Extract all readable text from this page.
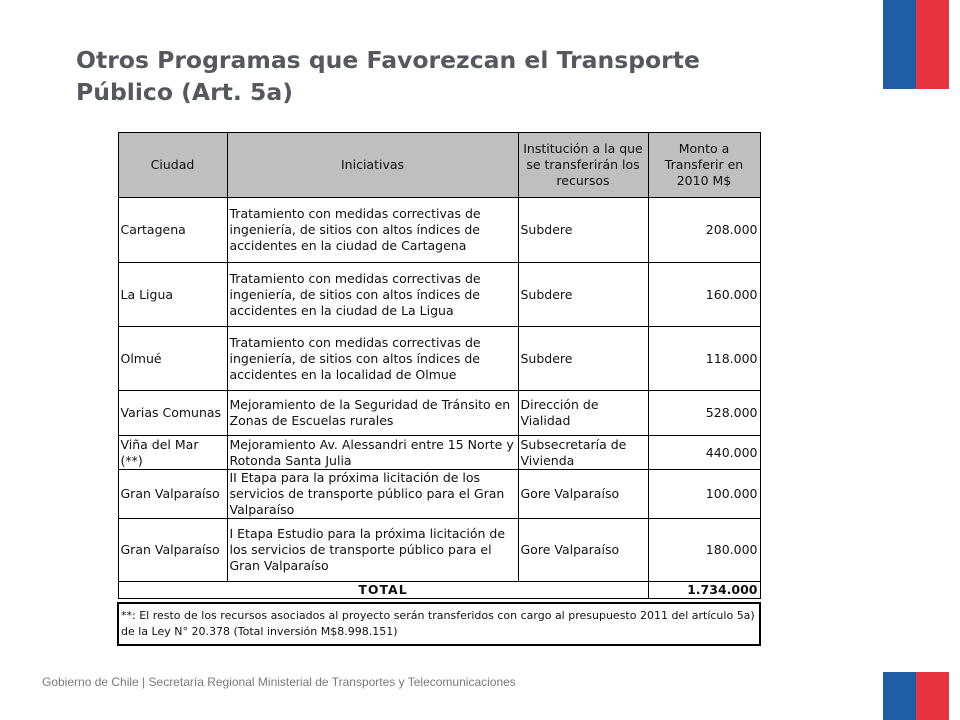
Otros Programas que Favorezcan el Transporte
Público (Art. 5a)
Ciudad	Iniciativas	Institución a la que se transferirán los recursos	Monto a Transferir en 2010 M$
Cartagena	Tratamiento con medidas correctivas de ingeniería, de sitios con altos índices de accidentes en la ciudad de Cartagena	Subdere	208.000
La Ligua	Tratamiento con medidas correctivas de ingeniería, de sitios con altos índices de accidentes en la ciudad de La Ligua	Subdere	160.000
Olmué	Tratamiento con medidas correctivas de ingeniería, de sitios con altos índices de accidentes en la localidad de Olmue	Subdere	118.000
Varias Comunas	Mejoramiento de la Seguridad de Tránsito en Zonas de Escuelas rurales	Dirección de Vialidad	528.000
Viña del Mar (**)	Mejoramiento Av. Alessandri entre 15 Norte y Rotonda Santa Julia	Subsecretaría de Vivienda	440.000
Gran Valparaíso	II Etapa para la próxima licitación de los servicios de transporte público para el Gran Valparaíso	Gore Valparaíso	100.000
Gran Valparaíso	I Etapa Estudio para la próxima licitación de los servicios de transporte público para el Gran Valparaíso	Gore Valparaíso	180.000
TOTAL			1.734.000

**: El resto de los recursos asociados al proyecto serán transferidos con cargo al presupuesto 2011 del artículo 5a) de la Ley N° 20.378 (Total inversión M$8.998.151)			
Gobierno de Chile | Secretaría Regional Ministerial de Transportes y Telecomunicaciones
